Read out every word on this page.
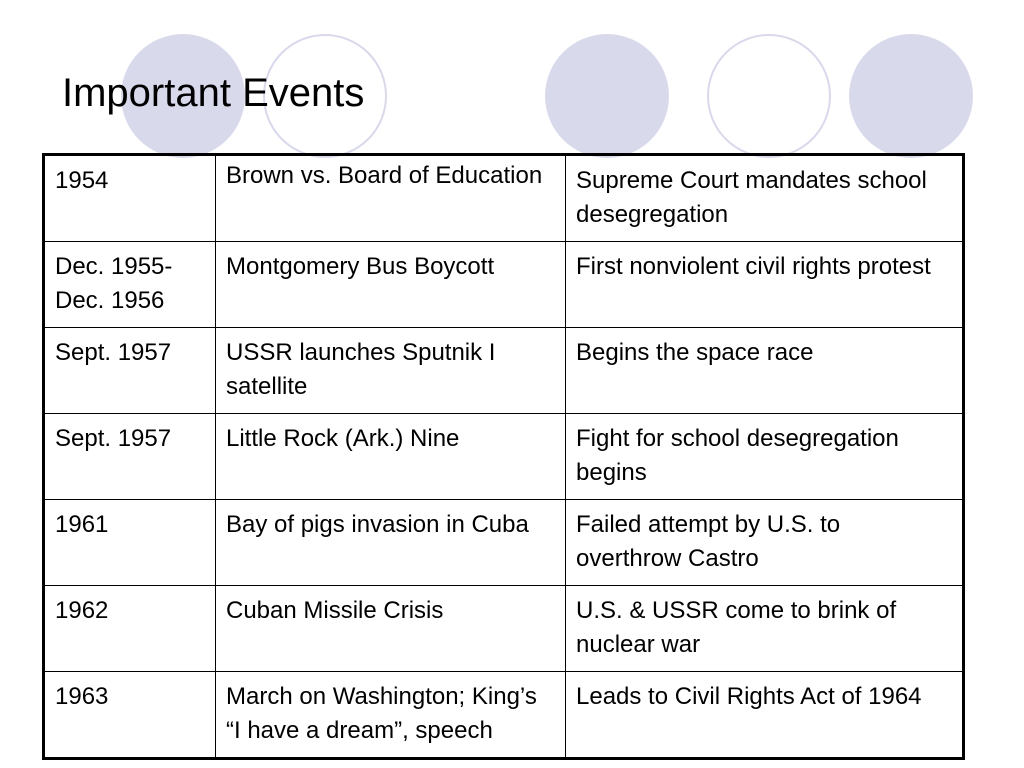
Important Events
1954	Brown vs. Board of Education	Supreme Court mandates school desegregation
Dec. 1955-Dec. 1956	Montgomery Bus Boycott	First nonviolent civil rights protest
Sept. 1957	USSR launches Sputnik I satellite	Begins the space race
Sept. 1957	Little Rock (Ark.) Nine	Fight for school desegregation begins
1961	Bay of pigs invasion in Cuba	Failed attempt by U.S. to overthrow Castro
1962	Cuban Missile Crisis	U.S. & USSR come to brink of nuclear war
1963	March on Washington; King’s “I have a dream”, speech	Leads to Civil Rights Act of 1964
